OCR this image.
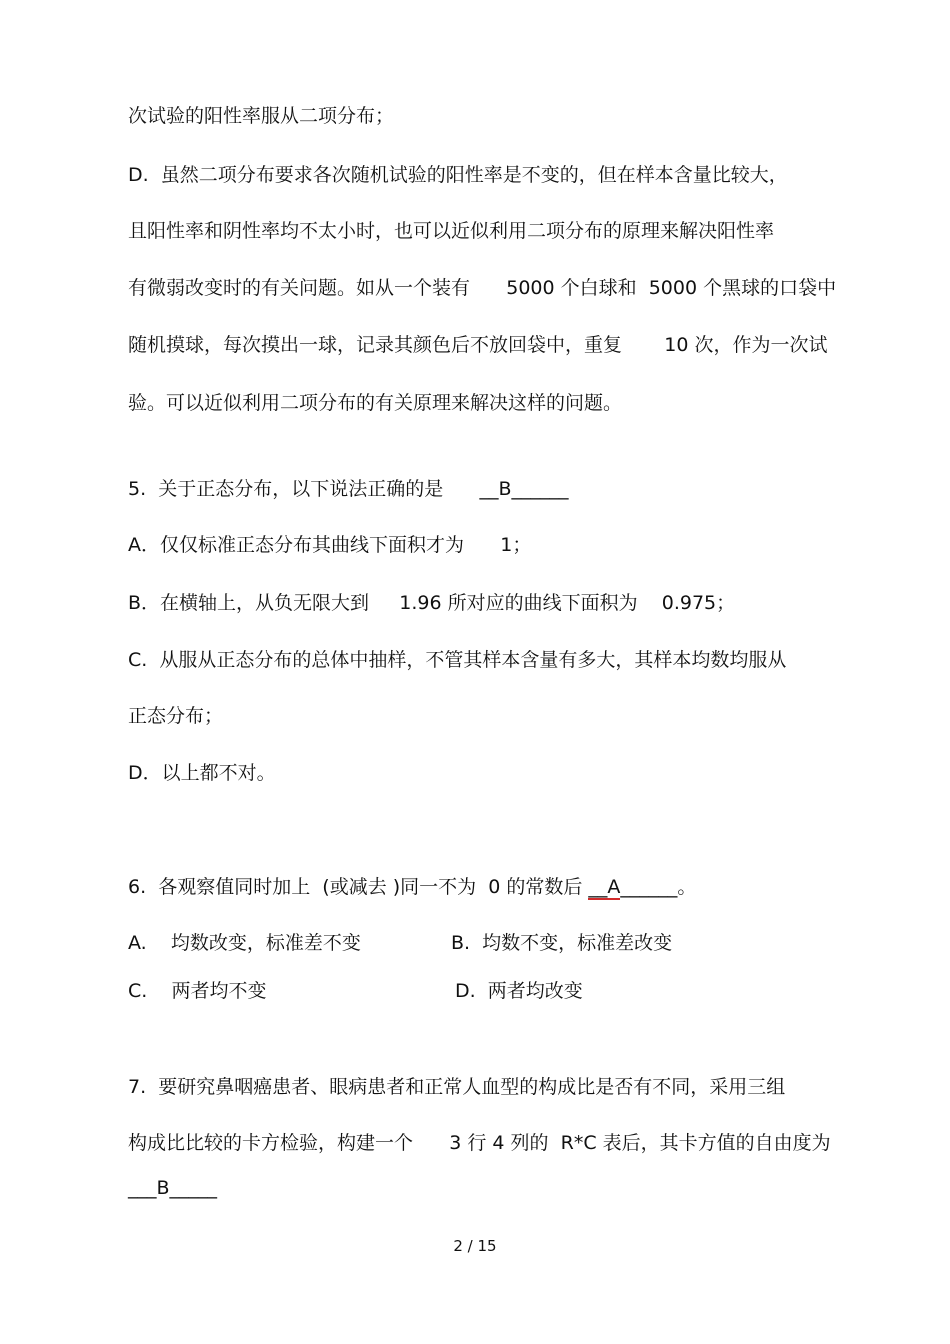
次试验的阳性率服从二项分布；
D.  虽然二项分布要求各次随机试验的阳性率是不变的，但在样本含量比较大，
且阳性率和阴性率均不太小时，也可以近似利用二项分布的原理来解决阳性率
有微弱改变时的有关问题。如从一个装有      5000 个白球和  5000 个黑球的口袋中
随机摸球，每次摸出一球，记录其颜色后不放回袋中，重复       10 次，作为一次试
验。可以近似利用二项分布的有关原理来解决这样的问题。
5.  关于正态分布，以下说法正确的是      __B______
A．仅仅标准正态分布其曲线下面积才为      1；
B．在横轴上，从负无限大到     1.96 所对应的曲线下面积为    0.975；
C.  从服从正态分布的总体中抽样，不管其样本含量有多大，其样本均数均服从
正态分布；
D．以上都不对。
6.  各观察值同时加上  (或减去 )同一不为  0 的常数后 __A______。
A.    均数改变，标准差不变	B.  均数不变，标准差改变
C.    两者均不变	D.  两者均改变
7.  要研究鼻咽癌患者、眼病患者和正常人血型的构成比是否有不同，采用三组
构成比比较的卡方检验，构建一个      3 行 4 列的  R*C 表后，其卡方值的自由度为
___B_____
2 / 15
